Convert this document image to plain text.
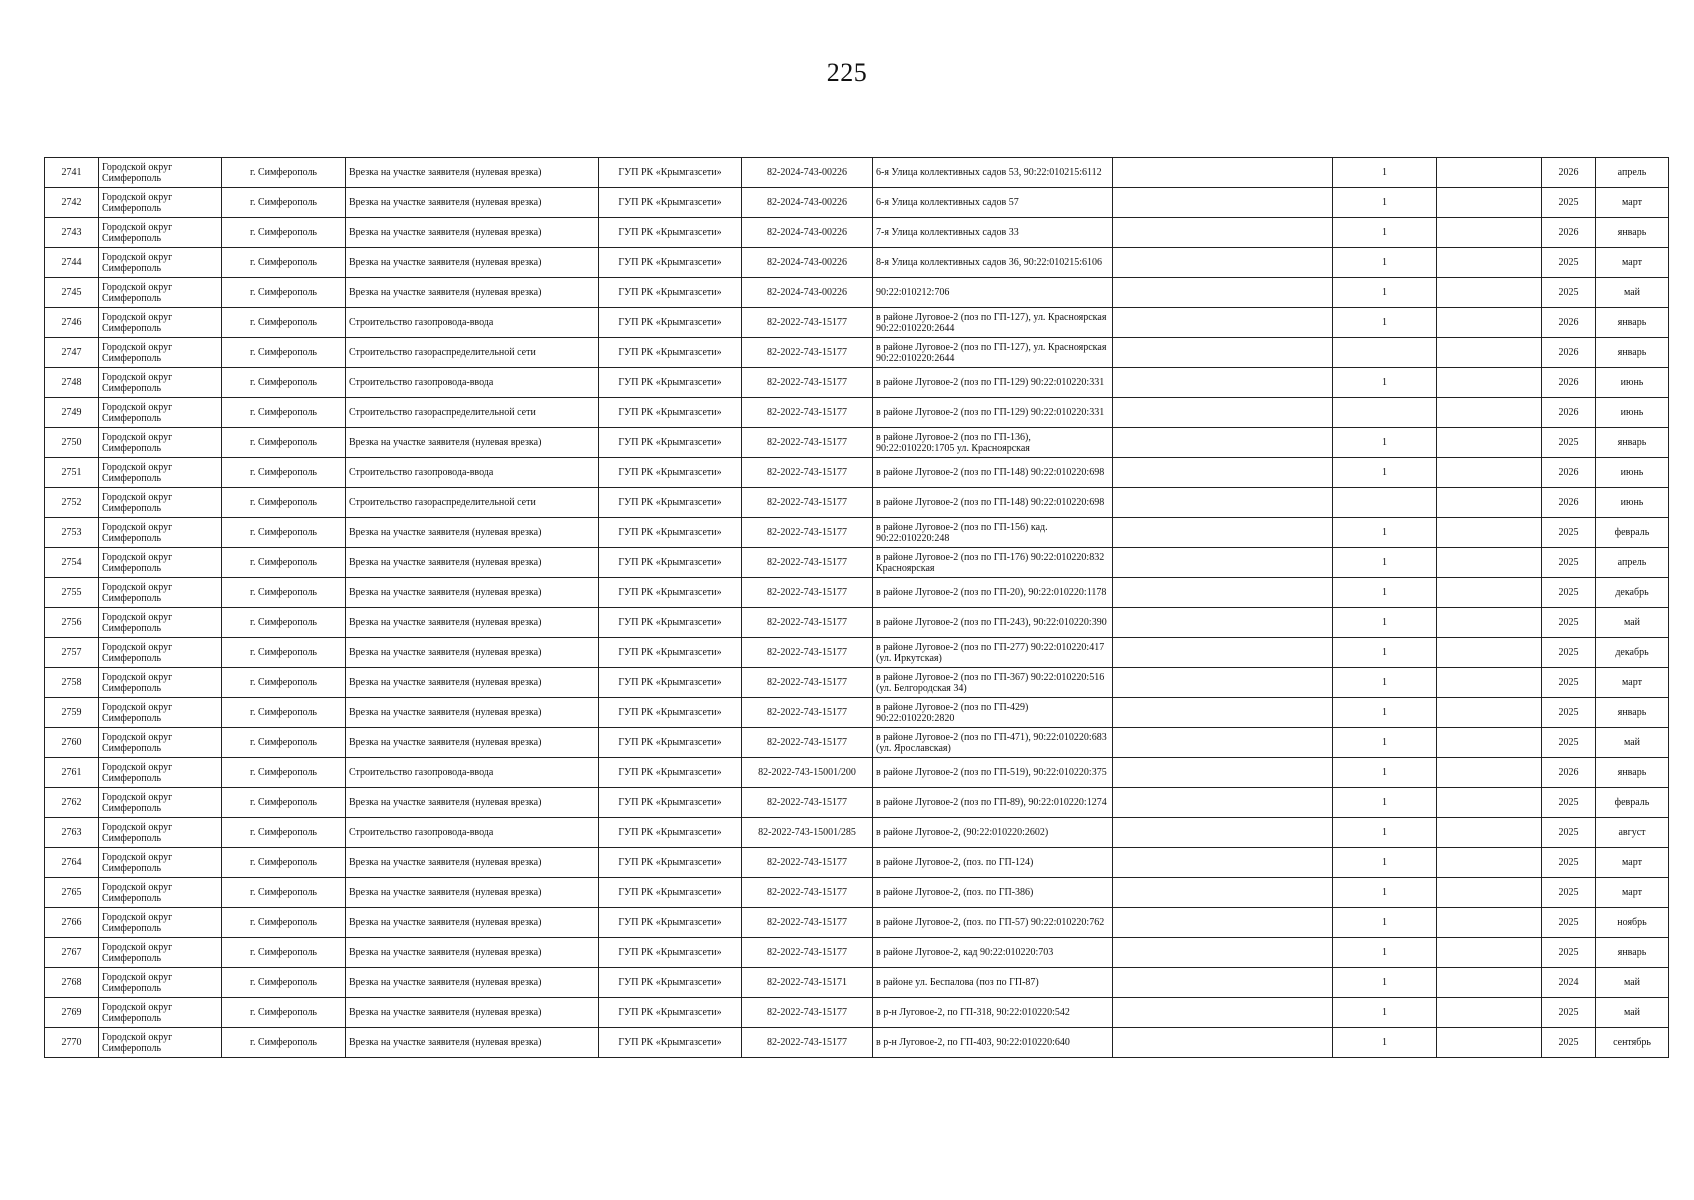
225
2741	Городской округ Симферополь	г. Симферополь	Врезка на участке заявителя (нулевая врезка)	ГУП РК «Крымгазсети»	82-2024-743-00226	6-я Улица коллективных садов 53, 90:22:010215:6112		1		2026	апрель
2742	Городской округ Симферополь	г. Симферополь	Врезка на участке заявителя (нулевая врезка)	ГУП РК «Крымгазсети»	82-2024-743-00226	6-я Улица коллективных садов 57		1		2025	март
2743	Городской округ Симферополь	г. Симферополь	Врезка на участке заявителя (нулевая врезка)	ГУП РК «Крымгазсети»	82-2024-743-00226	7-я Улица коллективных садов 33		1		2026	январь
2744	Городской округ Симферополь	г. Симферополь	Врезка на участке заявителя (нулевая врезка)	ГУП РК «Крымгазсети»	82-2024-743-00226	8-я Улица коллективных садов 36, 90:22:010215:6106		1		2025	март
2745	Городской округ Симферополь	г. Симферополь	Врезка на участке заявителя (нулевая врезка)	ГУП РК «Крымгазсети»	82-2024-743-00226	90:22:010212:706		1		2025	май
2746	Городской округ Симферополь	г. Симферополь	Строительство газопровода-ввода	ГУП РК «Крымгазсети»	82-2022-743-15177	в районе Луговое-2 (поз по ГП-127), ул. Красноярская 90:22:010220:2644		1		2026	январь
2747	Городской округ Симферополь	г. Симферополь	Строительство газораспределительной сети	ГУП РК «Крымгазсети»	82-2022-743-15177	в районе Луговое-2 (поз по ГП-127), ул. Красноярская 90:22:010220:2644				2026	январь
2748	Городской округ Симферополь	г. Симферополь	Строительство газопровода-ввода	ГУП РК «Крымгазсети»	82-2022-743-15177	в районе Луговое-2 (поз по ГП-129) 90:22:010220:331		1		2026	июнь
2749	Городской округ Симферополь	г. Симферополь	Строительство газораспределительной сети	ГУП РК «Крымгазсети»	82-2022-743-15177	в районе Луговое-2 (поз по ГП-129) 90:22:010220:331				2026	июнь
2750	Городской округ Симферополь	г. Симферополь	Врезка на участке заявителя (нулевая врезка)	ГУП РК «Крымгазсети»	82-2022-743-15177	в районе Луговое-2 (поз по ГП-136), 90:22:010220:1705 ул. Красноярская		1		2025	январь
2751	Городской округ Симферополь	г. Симферополь	Строительство газопровода-ввода	ГУП РК «Крымгазсети»	82-2022-743-15177	в районе Луговое-2 (поз по ГП-148) 90:22:010220:698		1		2026	июнь
2752	Городской округ Симферополь	г. Симферополь	Строительство газораспределительной сети	ГУП РК «Крымгазсети»	82-2022-743-15177	в районе Луговое-2 (поз по ГП-148) 90:22:010220:698				2026	июнь
2753	Городской округ Симферополь	г. Симферополь	Врезка на участке заявителя (нулевая врезка)	ГУП РК «Крымгазсети»	82-2022-743-15177	в районе Луговое-2 (поз по ГП-156) кад. 90:22:010220:248		1		2025	февраль
2754	Городской округ Симферополь	г. Симферополь	Врезка на участке заявителя (нулевая врезка)	ГУП РК «Крымгазсети»	82-2022-743-15177	в районе Луговое-2 (поз по ГП-176) 90:22:010220:832 Красноярская		1		2025	апрель
2755	Городской округ Симферополь	г. Симферополь	Врезка на участке заявителя (нулевая врезка)	ГУП РК «Крымгазсети»	82-2022-743-15177	в районе Луговое-2 (поз по ГП-20), 90:22:010220:1178		1		2025	декабрь
2756	Городской округ Симферополь	г. Симферополь	Врезка на участке заявителя (нулевая врезка)	ГУП РК «Крымгазсети»	82-2022-743-15177	в районе Луговое-2 (поз по ГП-243), 90:22:010220:390		1		2025	май
2757	Городской округ Симферополь	г. Симферополь	Врезка на участке заявителя (нулевая врезка)	ГУП РК «Крымгазсети»	82-2022-743-15177	в районе Луговое-2 (поз по ГП-277) 90:22:010220:417 (ул. Иркутская)		1		2025	декабрь
2758	Городской округ Симферополь	г. Симферополь	Врезка на участке заявителя (нулевая врезка)	ГУП РК «Крымгазсети»	82-2022-743-15177	в районе Луговое-2 (поз по ГП-367) 90:22:010220:516 (ул. Белгородская 34)		1		2025	март
2759	Городской округ Симферополь	г. Симферополь	Врезка на участке заявителя (нулевая врезка)	ГУП РК «Крымгазсети»	82-2022-743-15177	в районе Луговое-2 (поз по ГП-429) 90:22:010220:2820		1		2025	январь
2760	Городской округ Симферополь	г. Симферополь	Врезка на участке заявителя (нулевая врезка)	ГУП РК «Крымгазсети»	82-2022-743-15177	в районе Луговое-2 (поз по ГП-471), 90:22:010220:683 (ул. Ярославская)		1		2025	май
2761	Городской округ Симферополь	г. Симферополь	Строительство газопровода-ввода	ГУП РК «Крымгазсети»	82-2022-743-15001/200	в районе Луговое-2 (поз по ГП-519), 90:22:010220:375		1		2026	январь
2762	Городской округ Симферополь	г. Симферополь	Врезка на участке заявителя (нулевая врезка)	ГУП РК «Крымгазсети»	82-2022-743-15177	в районе Луговое-2 (поз по ГП-89), 90:22:010220:1274		1		2025	февраль
2763	Городской округ Симферополь	г. Симферополь	Строительство газопровода-ввода	ГУП РК «Крымгазсети»	82-2022-743-15001/285	в районе Луговое-2, (90:22:010220:2602)		1		2025	август
2764	Городской округ Симферополь	г. Симферополь	Врезка на участке заявителя (нулевая врезка)	ГУП РК «Крымгазсети»	82-2022-743-15177	в районе Луговое-2, (поз. по ГП-124)		1		2025	март
2765	Городской округ Симферополь	г. Симферополь	Врезка на участке заявителя (нулевая врезка)	ГУП РК «Крымгазсети»	82-2022-743-15177	в районе Луговое-2, (поз. по ГП-386)		1		2025	март
2766	Городской округ Симферополь	г. Симферополь	Врезка на участке заявителя (нулевая врезка)	ГУП РК «Крымгазсети»	82-2022-743-15177	в районе Луговое-2, (поз. по ГП-57) 90:22:010220:762		1		2025	ноябрь
2767	Городской округ Симферополь	г. Симферополь	Врезка на участке заявителя (нулевая врезка)	ГУП РК «Крымгазсети»	82-2022-743-15177	в районе Луговое-2, кад 90:22:010220:703		1		2025	январь
2768	Городской округ Симферополь	г. Симферополь	Врезка на участке заявителя (нулевая врезка)	ГУП РК «Крымгазсети»	82-2022-743-15171	в районе ул. Беспалова (поз по ГП-87)		1		2024	май
2769	Городской округ Симферополь	г. Симферополь	Врезка на участке заявителя (нулевая врезка)	ГУП РК «Крымгазсети»	82-2022-743-15177	в р-н Луговое-2, по ГП-318, 90:22:010220:542		1		2025	май
2770	Городской округ Симферополь	г. Симферополь	Врезка на участке заявителя (нулевая врезка)	ГУП РК «Крымгазсети»	82-2022-743-15177	в р-н Луговое-2, по ГП-403, 90:22:010220:640		1		2025	сентябрь
